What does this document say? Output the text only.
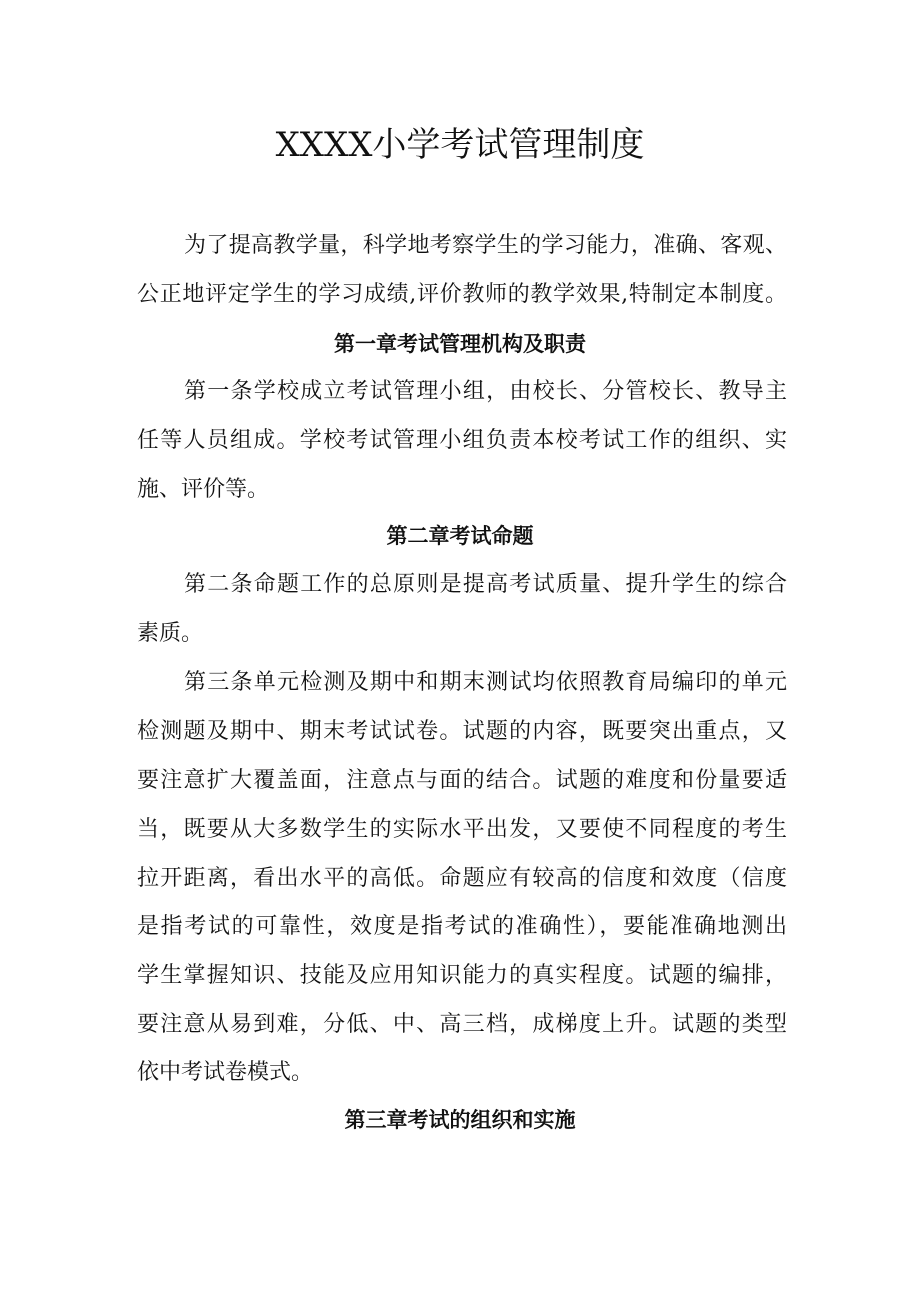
XXXX小学考试管理制度

为了提高教学量，科学地考察学生的学习能力，准确、客观、

公正地评定学生的学习成绩,评价教师的教学效果,特制定本制度。

第一章考试管理机构及职责

第一条学校成立考试管理小组，由校长、分管校长、教导主

任等人员组成。学校考试管理小组负责本校考试工作的组织、实

施、评价等。

第二章考试命题

第二条命题工作的总原则是提高考试质量、提升学生的综合

素质。

第三条单元检测及期中和期末测试均依照教育局编印的单元

检测题及期中、期末考试试卷。试题的内容，既要突出重点，又

要注意扩大覆盖面，注意点与面的结合。试题的难度和份量要适

当，既要从大多数学生的实际水平出发，又要使不同程度的考生

拉开距离，看出水平的高低。命题应有较高的信度和效度（信度

是指考试的可靠性，效度是指考试的准确性），要能准确地测出

学生掌握知识、技能及应用知识能力的真实程度。试题的编排，

要注意从易到难，分低、中、高三档，成梯度上升。试题的类型

依中考试卷模式。

第三章考试的组织和实施
